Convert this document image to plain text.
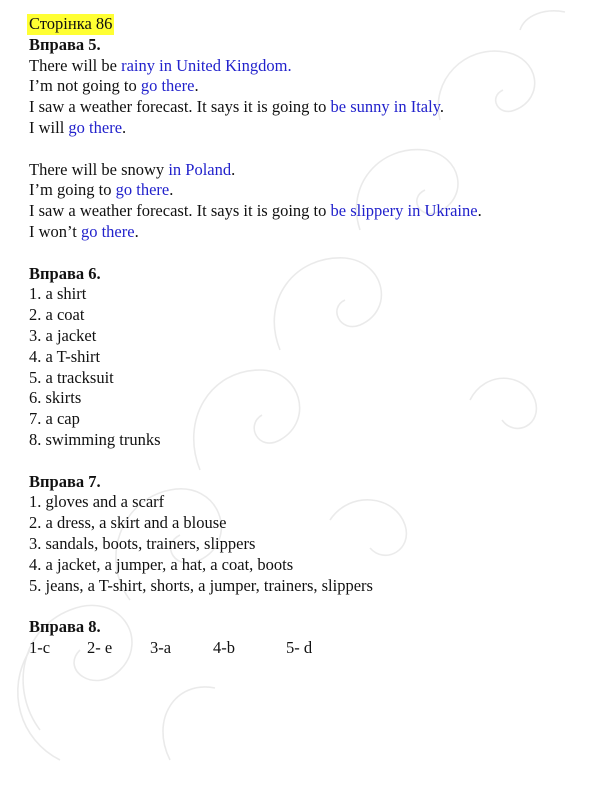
Сторінка 86
Вправа 5.
There will be rainy in United Kingdom.
I’m not going to go there.
I saw a weather forecast. It says it is going to be sunny in Italy.
I will go there.
There will be snowy in Poland.
I’m going to go there.
I saw a weather forecast. It says it is going to be slippery in Ukraine.
I won’t go there.
Вправа 6.
1. a shirt
2. a coat
3. a jacket
4. a T-shirt
5. a tracksuit
6. skirts
7. a cap
8. swimming trunks
Вправа 7.
1. gloves and a scarf
2. a dress, a skirt and a blouse
3. sandals, boots, trainers, slippers
4. a jacket, a jumper, a hat, a coat, boots
5. jeans, a T-shirt, shorts, a jumper, trainers, slippers
Вправа 8.
1-c 2- e 3-a	4-b	5- d
